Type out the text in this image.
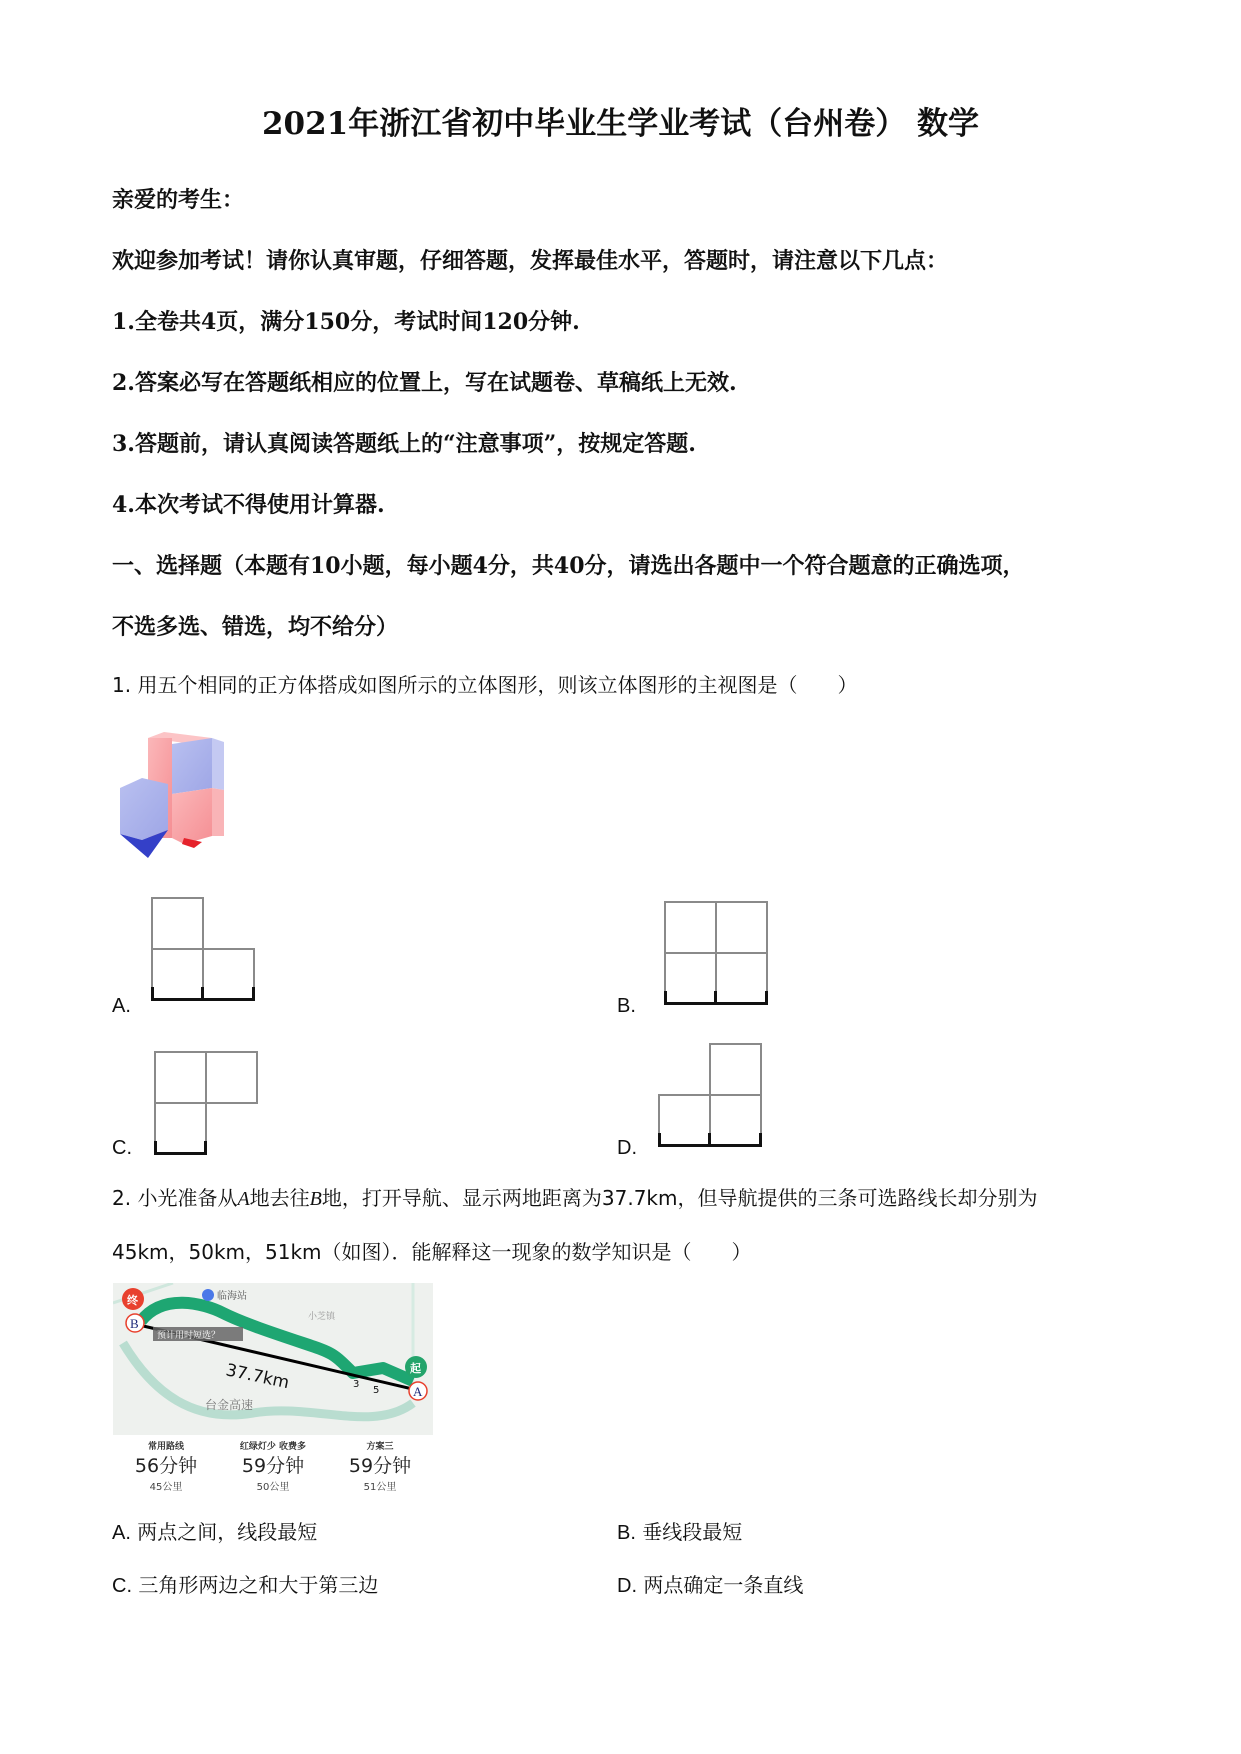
2021年浙江省初中毕业生学业考试（台州卷） 数学
亲爱的考生：
欢迎参加考试！请你认真审题，仔细答题，发挥最佳水平，答题时，请注意以下几点：
1.全卷共4页，满分150分，考试时间120分钟.
2.答案必写在答题纸相应的位置上，写在试题卷、草稿纸上无效.
3.答题前，请认真阅读答题纸上的“注意事项”，按规定答题.
4.本次考试不得使用计算器.
一、选择题（本题有10小题，每小题4分，共40分，请选出各题中一个符合题意的正确选项，
不选多选、错选，均不给分）
1. 用五个相同的正方体搭成如图所示的立体图形，则该立体图形的主视图是（　　）
A.	B.
C.	D.
2. 小光准备从A地去往B地，打开导航、显示两地距离为37.7km，但导航提供的三条可选路线长却分别为
45km，50km，51km（如图）．能解释这一现象的数学知识是（　　）
预计用时短选？
37.7km
临海站
小芝镇
台金高速
3
5
终
B
起
A
常用路线
56分钟
45公里
红绿灯少 收费多
59分钟
50公里
方案三
59分钟
51公里
A. 两点之间，线段最短	B. 垂线段最短
C. 三角形两边之和大于第三边	D. 两点确定一条直线
